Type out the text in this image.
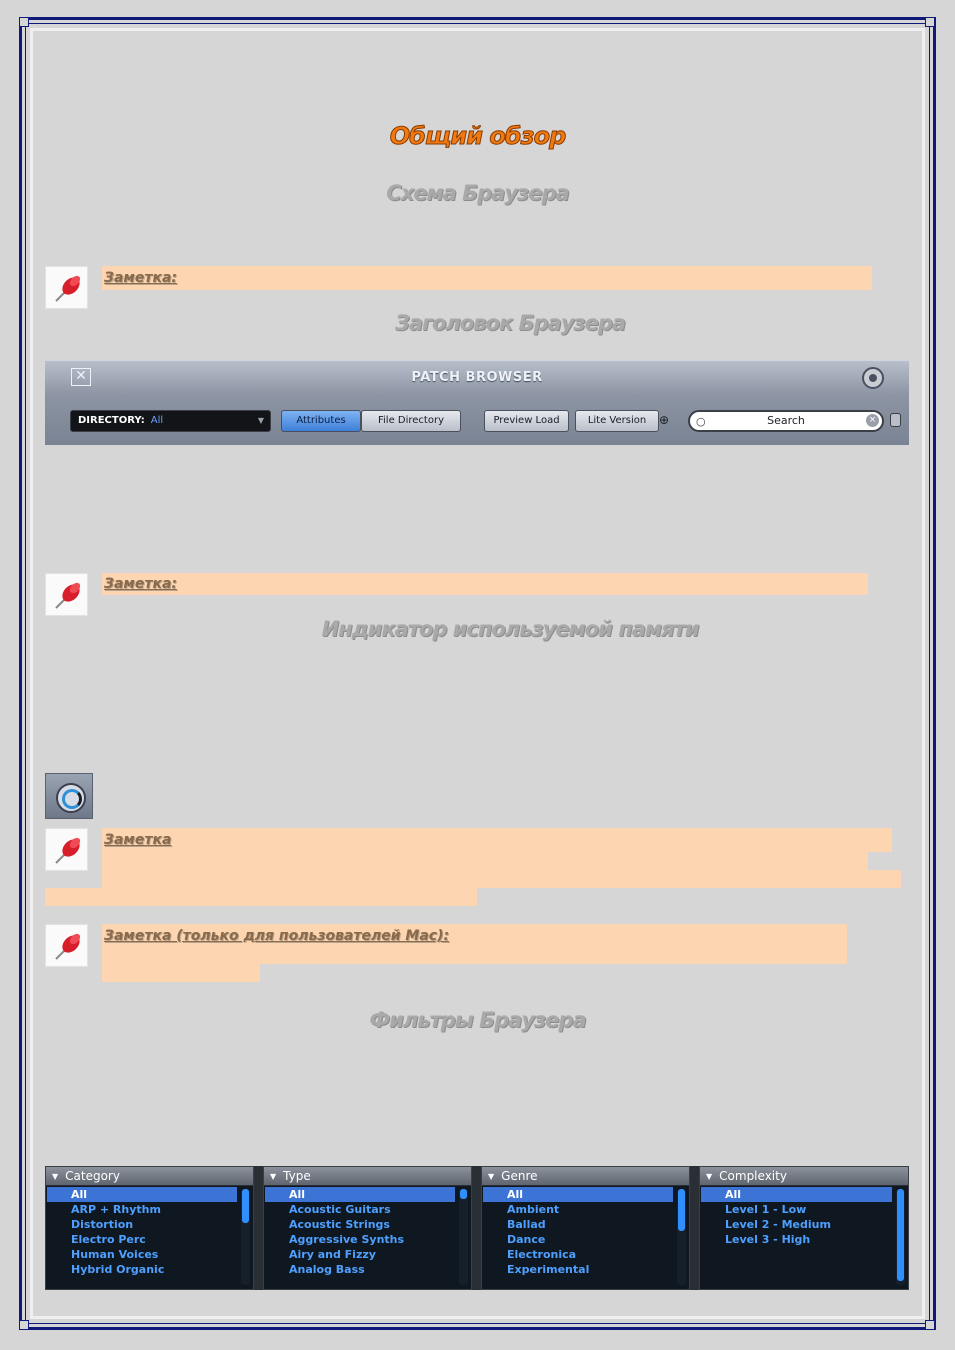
Общий обзор
Схема Браузера
Заметка:
Заголовок Браузера
✕	PATCH BROWSER
DIRECTORY: All	▼	Attributes	File Directory	Preview Load	Lite Version	⊕	○	Search	×
Заметка:
Индикатор используемой памяти
Заметка
Заметка (только для пользователей Mac):
Фильтры Браузера
▼ Category
All
ARP + Rhythm
Distortion
Electro Perc
Human Voices
Hybrid Organic
▼ Type
All
Acoustic Guitars
Acoustic Strings
Aggressive Synths
Airy and Fizzy
Analog Bass
▼ Genre
All
Ambient
Ballad
Dance
Electronica
Experimental
▼ Complexity
All
Level 1 - Low
Level 2 - Medium
Level 3 - High
